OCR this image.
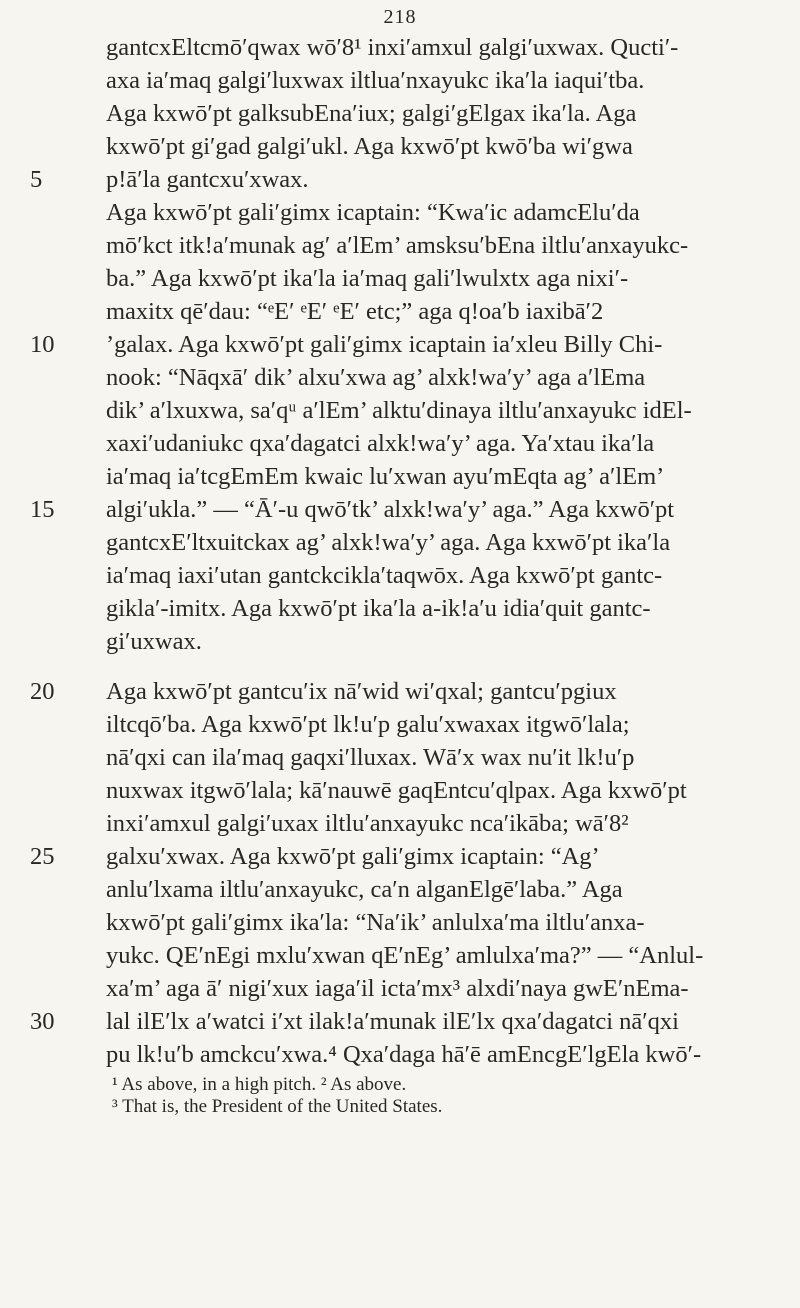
218
gantcxEltcmō′qwax wō′8¹ inxi′amxul galgi′uxwax. Qucti′-
axa ia′maq galgi′luxwax iltlua′nxayukc ika′la iaqui′tba.
Aga kxwō′pt galksubEna′iux; galgi′gElgax ika′la. Aga
kxwō′pt gi′gad galgi′ukl. Aga kxwō′pt kwō′ba wi′gwa
p!ā′la gantcxu′xwax.
Aga kxwō′pt gali′gimx icaptain: “Kwa′ic adamcElu′da
mō′kct itk!a′munak ag′ a′lEm’ amsksu′bEna iltlu′anxayukc-
ba.” Aga kxwō′pt ika′la ia′maq gali′lwulxtx aga nixi′-
maxitx qē′dau: “ᵉE′ ᵉE′ ᵉE′ etc;” aga q!oa′b iaxibā′2
’galax. Aga kxwō′pt gali′gimx icaptain ia′xleu Billy Chi-
nook: “Nāqxā′ dik’ alxu′xwa ag’ alxk!wa′y’ aga a′lEma
dik’ a′lxuxwa, sa′qᵘ a′lEm’ alktu′dinaya iltlu′anxayukc idEl-
xaxi′udaniukc qxa′dagatci alxk!wa′y’ aga. Ya′xtau ika′la
ia′maq ia′tcgEmEm kwaic lu′xwan ayu′mEqta ag’ a′lEm’
algi′ukla.” — “Ā′-u qwō′tk’ alxk!wa′y’ aga.” Aga kxwō′pt
gantcxE′ltxuitckax ag’ alxk!wa′y’ aga. Aga kxwō′pt ika′la
ia′maq iaxi′utan gantckcikla′taqwōx. Aga kxwō′pt gantc-
gikla′-imitx. Aga kxwō′pt ika′la a-ik!a′u idia′quit gantc-
gi′uxwax.
Aga kxwō′pt gantcu′ix nā′wid wi′qxal; gantcu′pgiux
iltcqō′ba. Aga kxwō′pt lk!u′p galu′xwaxax itgwō′lala;
nā′qxi can ila′maq gaqxi′lluxax. Wā′x wax nu′it lk!u′p
nuxwax itgwō′lala; kā′nauwē gaqEntcu′qlpax. Aga kxwō′pt
inxi′amxul galgi′uxax iltlu′anxayukc nca′ikāba; wā′8²
galxu′xwax. Aga kxwō′pt gali′gimx icaptain: “Ag’
anlu′lxama iltlu′anxayukc, ca′n alganElgē′laba.” Aga
kxwō′pt gali′gimx ika′la: “Na′ik’ anlulxa′ma iltlu′anxa-
yukc. QE′nEgi mxlu′xwan qE′nEg’ amlulxa′ma?” — “Anlul-
xa′m’ aga ā′ nigi′xux iaga′il icta′mx³ alxdi′naya gwE′nEma-
lal ilE′lx a′watci i′xt ilak!a′munak ilE′lx qxa′dagatci nā′qxi
pu lk!u′b amckcu′xwa.⁴ Qxa′daga hā′ē amEncgE′lgEla kwō′-
5
10
15
20
25
30
¹ As above, in a high pitch. ² As above.
³ That is, the President of the United States.
